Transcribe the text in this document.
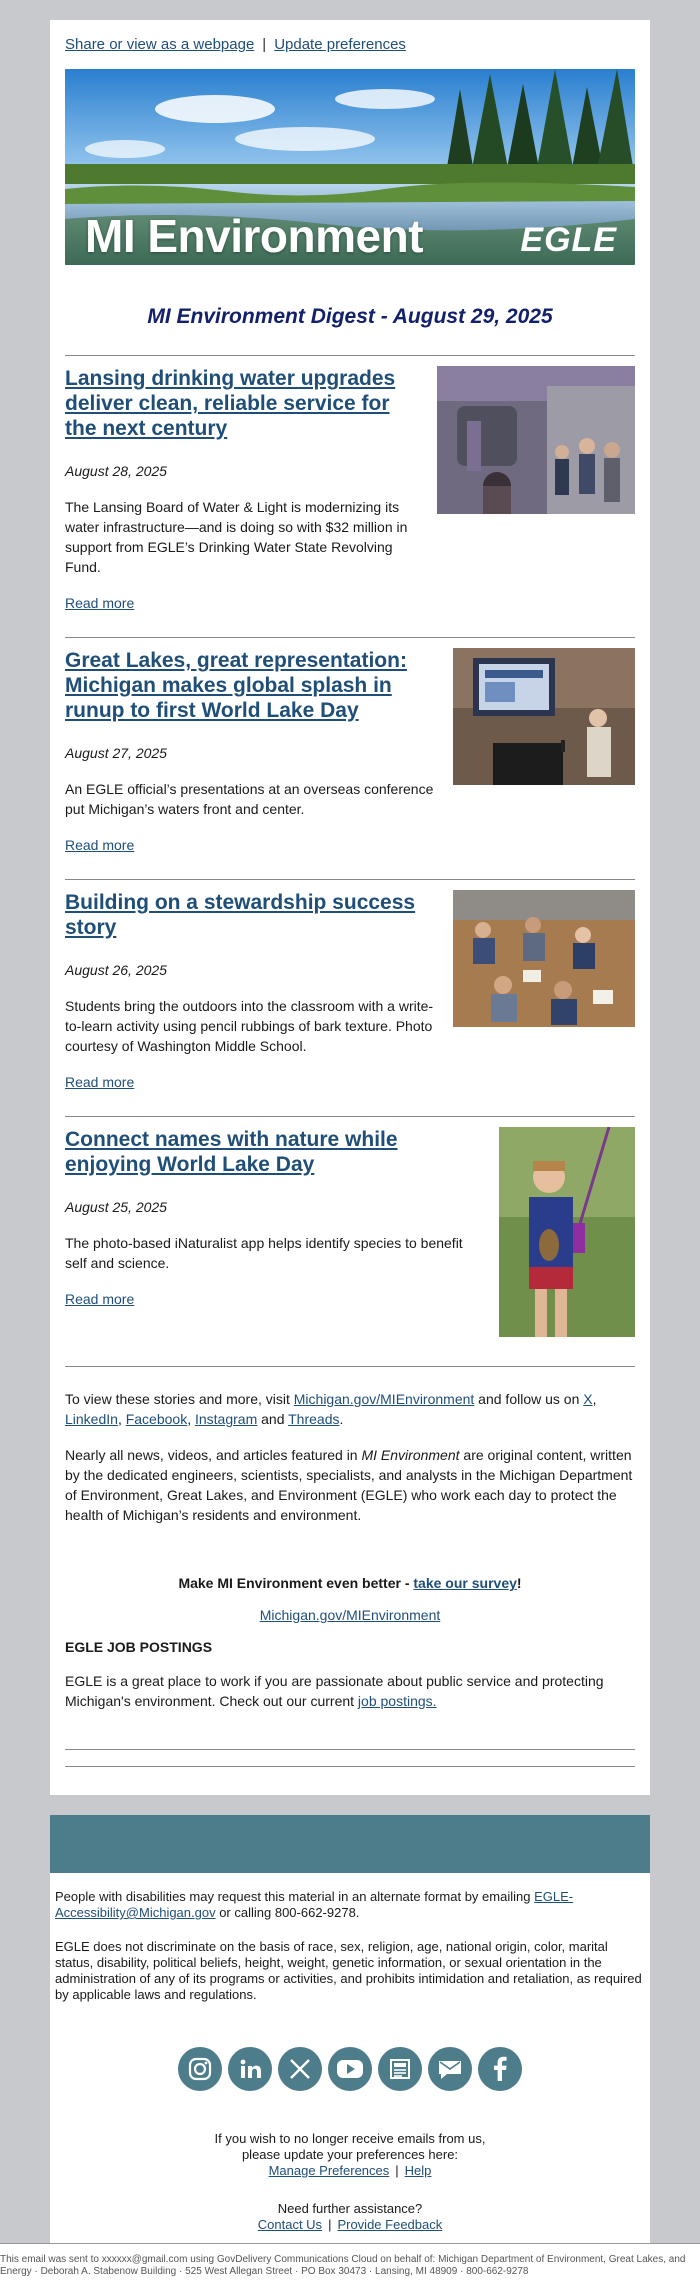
Share or view as a webpage | Update preferences
MI Environment	EGLE
MI Environment Digest - August 29, 2025
Lansing drinking water upgrades deliver clean, reliable service for the next century
August 28, 2025
The Lansing Board of Water & Light is modernizing its water infrastructure—and is doing so with $32 million in support from EGLE’s Drinking Water State Revolving Fund.
Read more
Great Lakes, great representation: Michigan makes global splash in runup to first World Lake Day
August 27, 2025
An EGLE official’s presentations at an overseas conference put Michigan’s waters front and center.
Read more
Building on a stewardship success story
August 26, 2025
Students bring the outdoors into the classroom with a write-to-learn activity using pencil rubbings of bark texture. Photo courtesy of Washington Middle School.
Read more
Connect names with nature while enjoying World Lake Day
August 25, 2025
The photo-based iNaturalist app helps identify species to benefit self and science.
Read more
To view these stories and more, visit Michigan.gov/MIEnvironment and follow us on X, LinkedIn, Facebook, Instagram and Threads.
Nearly all news, videos, and articles featured in MI Environment are original content, written by the dedicated engineers, scientists, specialists, and analysts in the Michigan Department of Environment, Great Lakes, and Environment (EGLE) who work each day to protect the health of Michigan’s residents and environment.
Make MI Environment even better - take our survey!
Michigan.gov/MIEnvironment
EGLE JOB POSTINGS
EGLE is a great place to work if you are passionate about public service and protecting Michigan's environment. Check out our current job postings.

People with disabilities may request this material in an alternate format by emailing EGLE-Accessibility@Michigan.gov or calling 800-662-9278.

EGLE does not discriminate on the basis of race, sex, religion, age, national origin, color, marital status, disability, political beliefs, height, weight, genetic information, or sexual orientation in the administration of any of its programs or activities, and prohibits intimidation and retaliation, as required by applicable laws and regulations.

If you wish to no longer receive emails from us,
please update your preferences here:
Manage Preferences | Help
Need further assistance?
Contact Us | Provide Feedback
This email was sent to xxxxxx@gmail.com using GovDelivery Communications Cloud on behalf of: Michigan Department of Environment, Great Lakes, and Energy · Deborah A. Stabenow Building · 525 West Allegan Street · PO Box 30473 · Lansing, MI 48909 · 800-662-9278
